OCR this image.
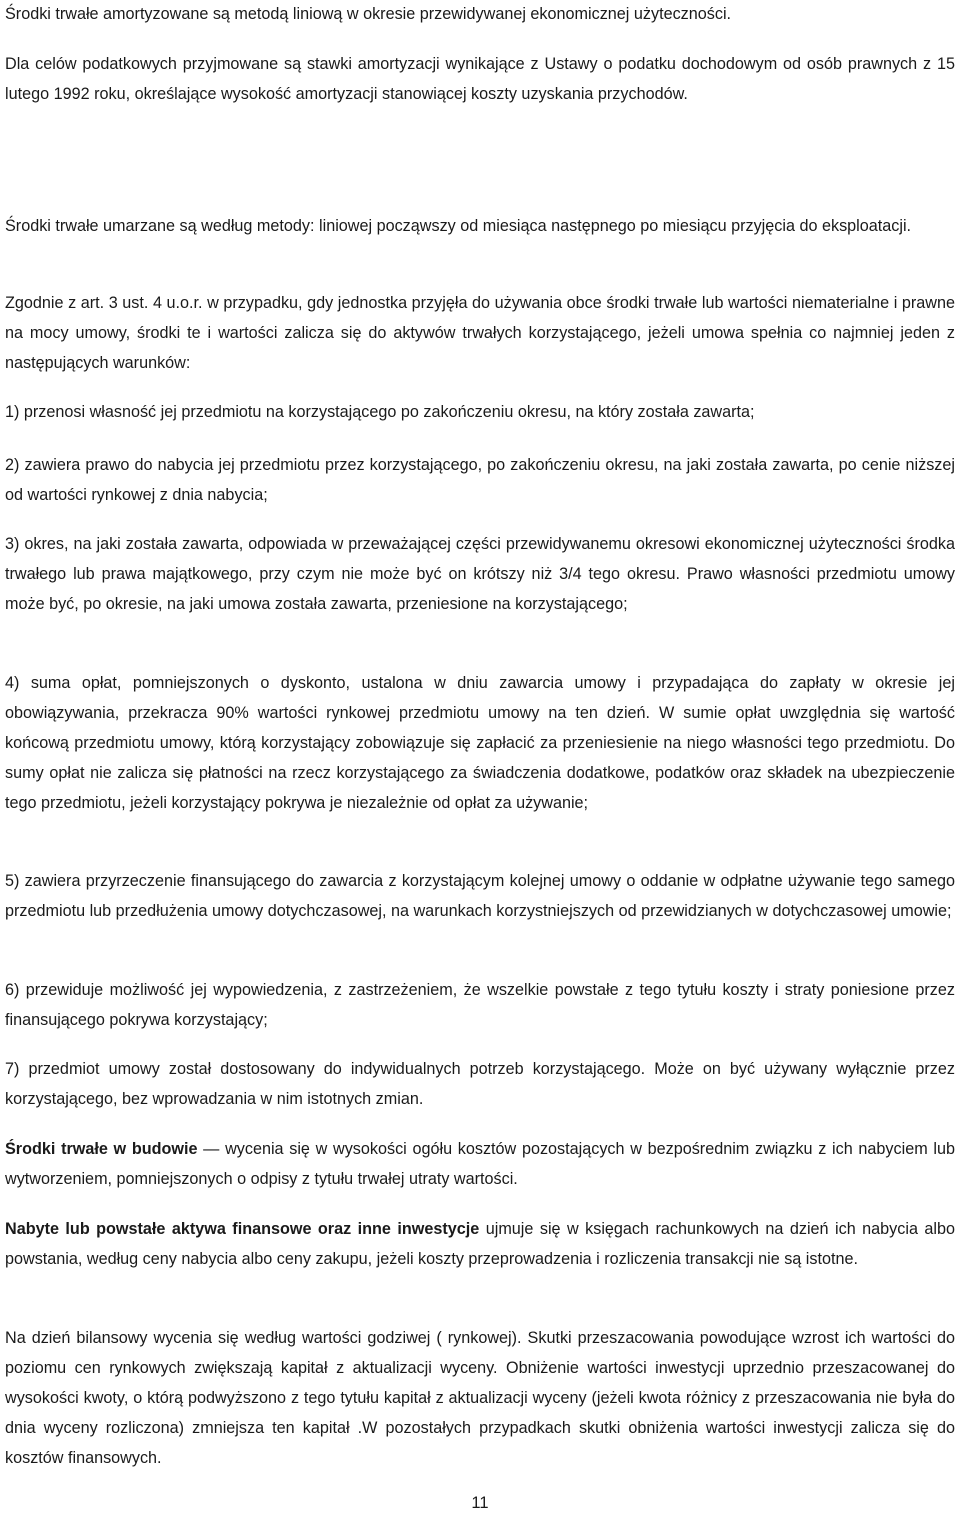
Środki trwałe amortyzowane są metodą liniową w okresie przewidywanej ekonomicznej użyteczności.

Dla celów podatkowych przyjmowane są stawki amortyzacji wynikające z Ustawy o podatku dochodowym od osób prawnych z 15 lutego 1992 roku, określające wysokość amortyzacji stanowiącej koszty uzyskania przychodów.

Środki trwałe umarzane są według metody: liniowej począwszy od miesiąca następnego po miesiącu przyjęcia do eksploatacji.

Zgodnie z art. 3 ust. 4 u.o.r. w przypadku, gdy jednostka przyjęła do używania obce środki trwałe lub wartości niematerialne i prawne na mocy umowy, środki te i wartości zalicza się do aktywów trwałych korzystającego, jeżeli umowa spełnia co najmniej jeden z następujących warunków:

1) przenosi własność jej przedmiotu na korzystającego po zakończeniu okresu, na który została zawarta;

2) zawiera prawo do nabycia jej przedmiotu przez korzystającego, po zakończeniu okresu, na jaki została zawarta, po cenie niższej od wartości rynkowej z dnia nabycia;

3) okres, na jaki została zawarta, odpowiada w przeważającej części przewidywanemu okresowi ekonomicznej użyteczności środka trwałego lub prawa majątkowego, przy czym nie może być on krótszy niż 3/4 tego okresu. Prawo własności przedmiotu umowy może być, po okresie, na jaki umowa została zawarta, przeniesione na korzystającego;

4) suma opłat, pomniejszonych o dyskonto, ustalona w dniu zawarcia umowy i przypadająca do zapłaty w okresie jej obowiązywania, przekracza 90% wartości rynkowej przedmiotu umowy na ten dzień. W sumie opłat uwzględnia się wartość końcową przedmiotu umowy, którą korzystający zobowiązuje się zapłacić za przeniesienie na niego własności tego przedmiotu. Do sumy opłat nie zalicza się płatności na rzecz korzystającego za świadczenia dodatkowe, podatków oraz składek na ubezpieczenie tego przedmiotu, jeżeli korzystający pokrywa je niezależnie od opłat za używanie;

5) zawiera przyrzeczenie finansującego do zawarcia z korzystającym kolejnej umowy o oddanie w odpłatne używanie tego samego przedmiotu lub przedłużenia umowy dotychczasowej, na warunkach korzystniejszych od przewidzianych w dotychczasowej umowie;

6) przewiduje możliwość jej wypowiedzenia, z zastrzeżeniem, że wszelkie powstałe z tego tytułu koszty i straty poniesione przez finansującego pokrywa korzystający;

7) przedmiot umowy został dostosowany do indywidualnych potrzeb korzystającego. Może on być używany wyłącznie przez korzystającego, bez wprowadzania w nim istotnych zmian.

Środki trwałe w budowie — wycenia się w wysokości ogółu kosztów pozostających w bezpośrednim związku z ich nabyciem lub wytworzeniem, pomniejszonych o odpisy z tytułu trwałej utraty wartości.

Nabyte lub powstałe aktywa finansowe oraz inne inwestycje ujmuje się w księgach rachunkowych na dzień ich nabycia albo powstania, według ceny nabycia albo ceny zakupu, jeżeli koszty przeprowadzenia i rozliczenia transakcji nie są istotne.

Na dzień bilansowy wycenia się według wartości godziwej ( rynkowej). Skutki przeszacowania powodujące wzrost ich wartości do poziomu cen rynkowych zwiększają kapitał z aktualizacji wyceny. Obniżenie wartości inwestycji uprzednio przeszacowanej do wysokości kwoty, o którą podwyższono z tego tytułu kapitał z aktualizacji wyceny (jeżeli kwota różnicy z przeszacowania nie była do dnia wyceny rozliczona) zmniejsza ten kapitał .W pozostałych przypadkach skutki obniżenia wartości inwestycji zalicza się do kosztów finansowych.

11
